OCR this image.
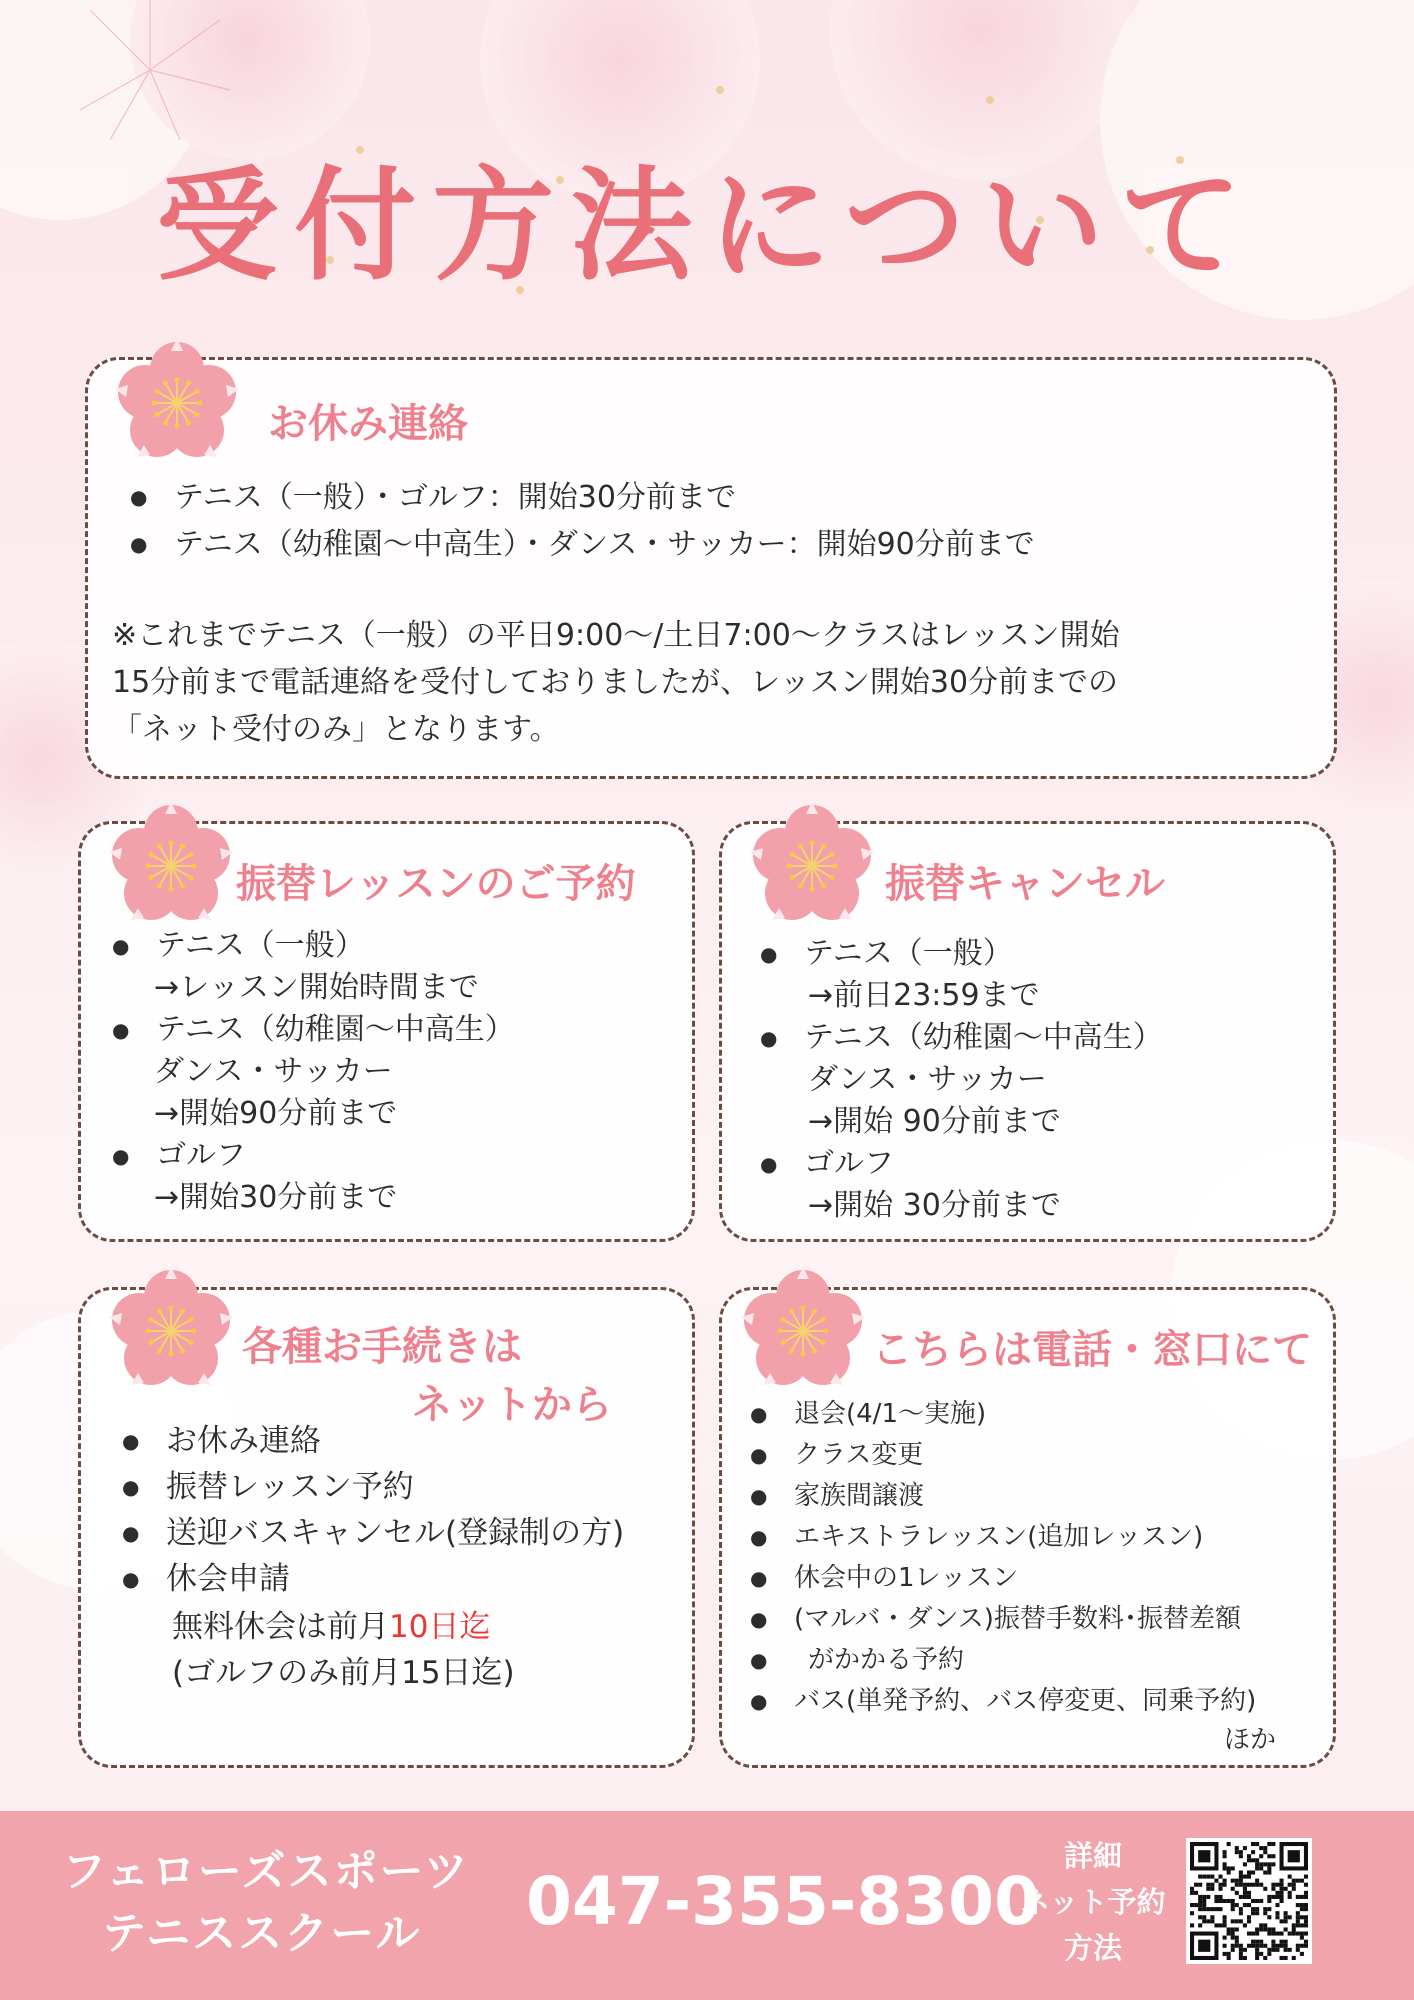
受付方法について
お休み連絡
● テニス（一般）・ゴルフ：開始30分前まで
● テニス（幼稚園～中高生）・ダンス・サッカー：開始90分前まで
※これまでテニス（一般）の平日9:00～/土日7:00～クラスはレッスン開始
15分前まで電話連絡を受付しておりましたが、レッスン開始30分前までの
「ネット受付のみ」となります。
振替レッスンのご予約
● テニス（一般）
→レッスン開始時間まで
● テニス（幼稚園～中高生）
ダンス・サッカー
→開始90分前まで
● ゴルフ
→開始30分前まで
振替キャンセル
● テニス（一般）
→前日23:59まで
● テニス（幼稚園～中高生）
ダンス・サッカー
→開始 90分前まで
● ゴルフ
→開始 30分前まで
各種お手続きは
ネットから
● お休み連絡
● 振替レッスン予約
● 送迎バスキャンセル(登録制の方)
● 休会申請
無料休会は前月10日迄
(ゴルフのみ前月15日迄)
こちらは電話・窓口にて
● 退会(4/1～実施)
● クラス変更
● 家族間譲渡
● エキストラレッスン(追加レッスン)
● 休会中の1レッスン
● (マルバ・ダンス)振替手数料･振替差額
● がかかる予約
● バス(単発予約、バス停変更、同乗予約)
ほか
フェローズスポーツ
テニススクール	047-355-8300
詳細
ネット予約
方法
